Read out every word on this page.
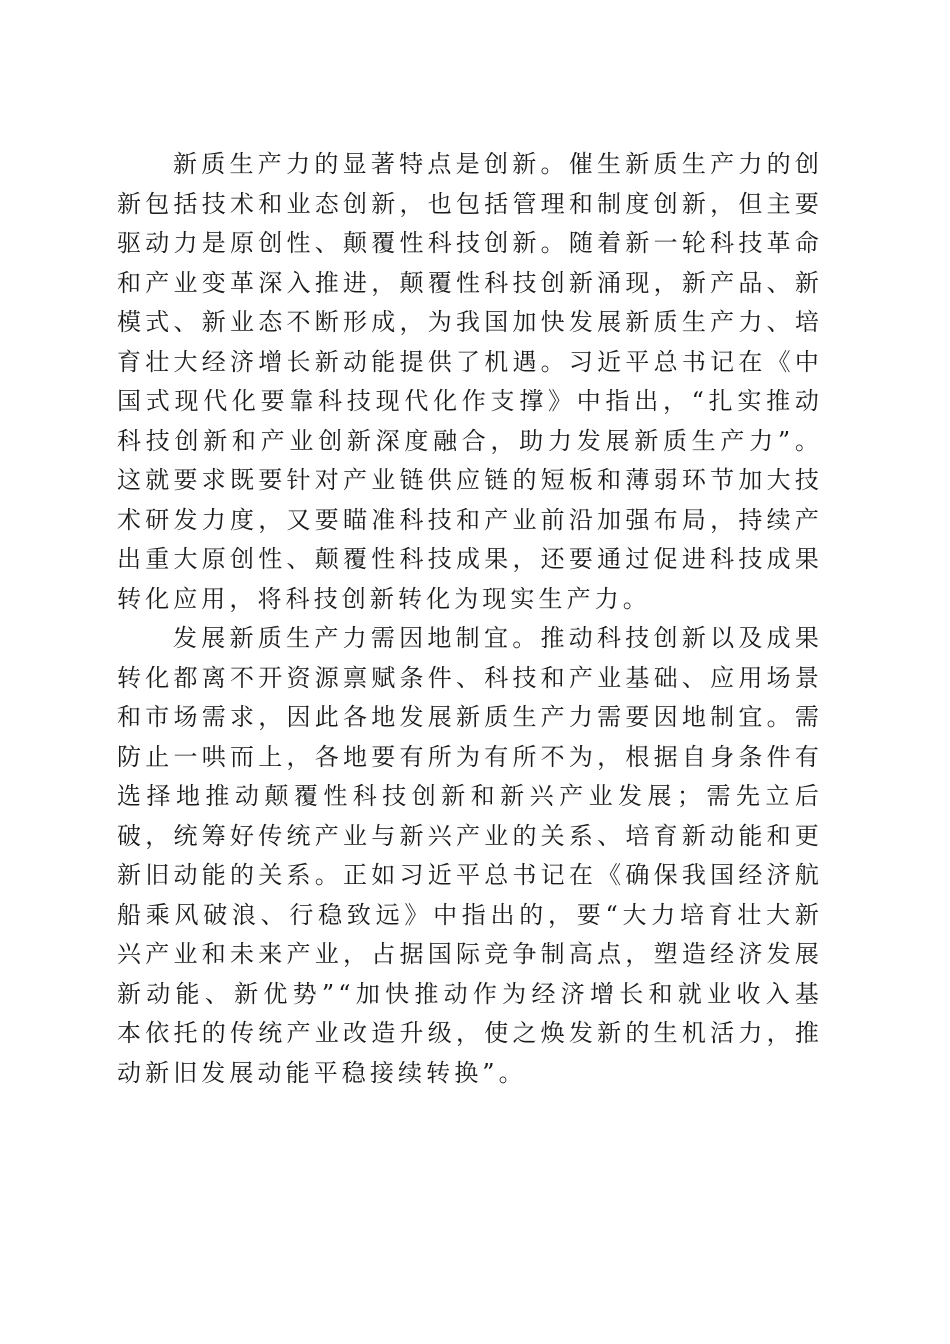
新质生产力的显著特点是创新。催生新质生产力的创新包括技术和业态创新，也包括管理和制度创新，但主要驱动力是原创性、颠覆性科技创新。随着新一轮科技革命和产业变革深入推进，颠覆性科技创新涌现，新产品、新模式、新业态不断形成，为我国加快发展新质生产力、培育壮大经济增长新动能提供了机遇。习近平总书记在《中国式现代化要靠科技现代化作支撑》中指出，“扎实推动科技创新和产业创新深度融合，助力发展新质生产力”。这就要求既要针对产业链供应链的短板和薄弱环节加大技术研发力度，又要瞄准科技和产业前沿加强布局，持续产出重大原创性、颠覆性科技成果，还要通过促进科技成果转化应用，将科技创新转化为现实生产力。

发展新质生产力需因地制宜。推动科技创新以及成果转化都离不开资源禀赋条件、科技和产业基础、应用场景和市场需求，因此各地发展新质生产力需要因地制宜。需防止一哄而上，各地要有所为有所不为，根据自身条件有选择地推动颠覆性科技创新和新兴产业发展；需先立后破，统筹好传统产业与新兴产业的关系、培育新动能和更新旧动能的关系。正如习近平总书记在《确保我国经济航船乘风破浪、行稳致远》中指出的，要“大力培育壮大新兴产业和未来产业，占据国际竞争制高点，塑造经济发展新动能、新优势”“加快推动作为经济增长和就业收入基本依托的传统产业改造升级，使之焕发新的生机活力，推动新旧发展动能平稳接续转换”。
